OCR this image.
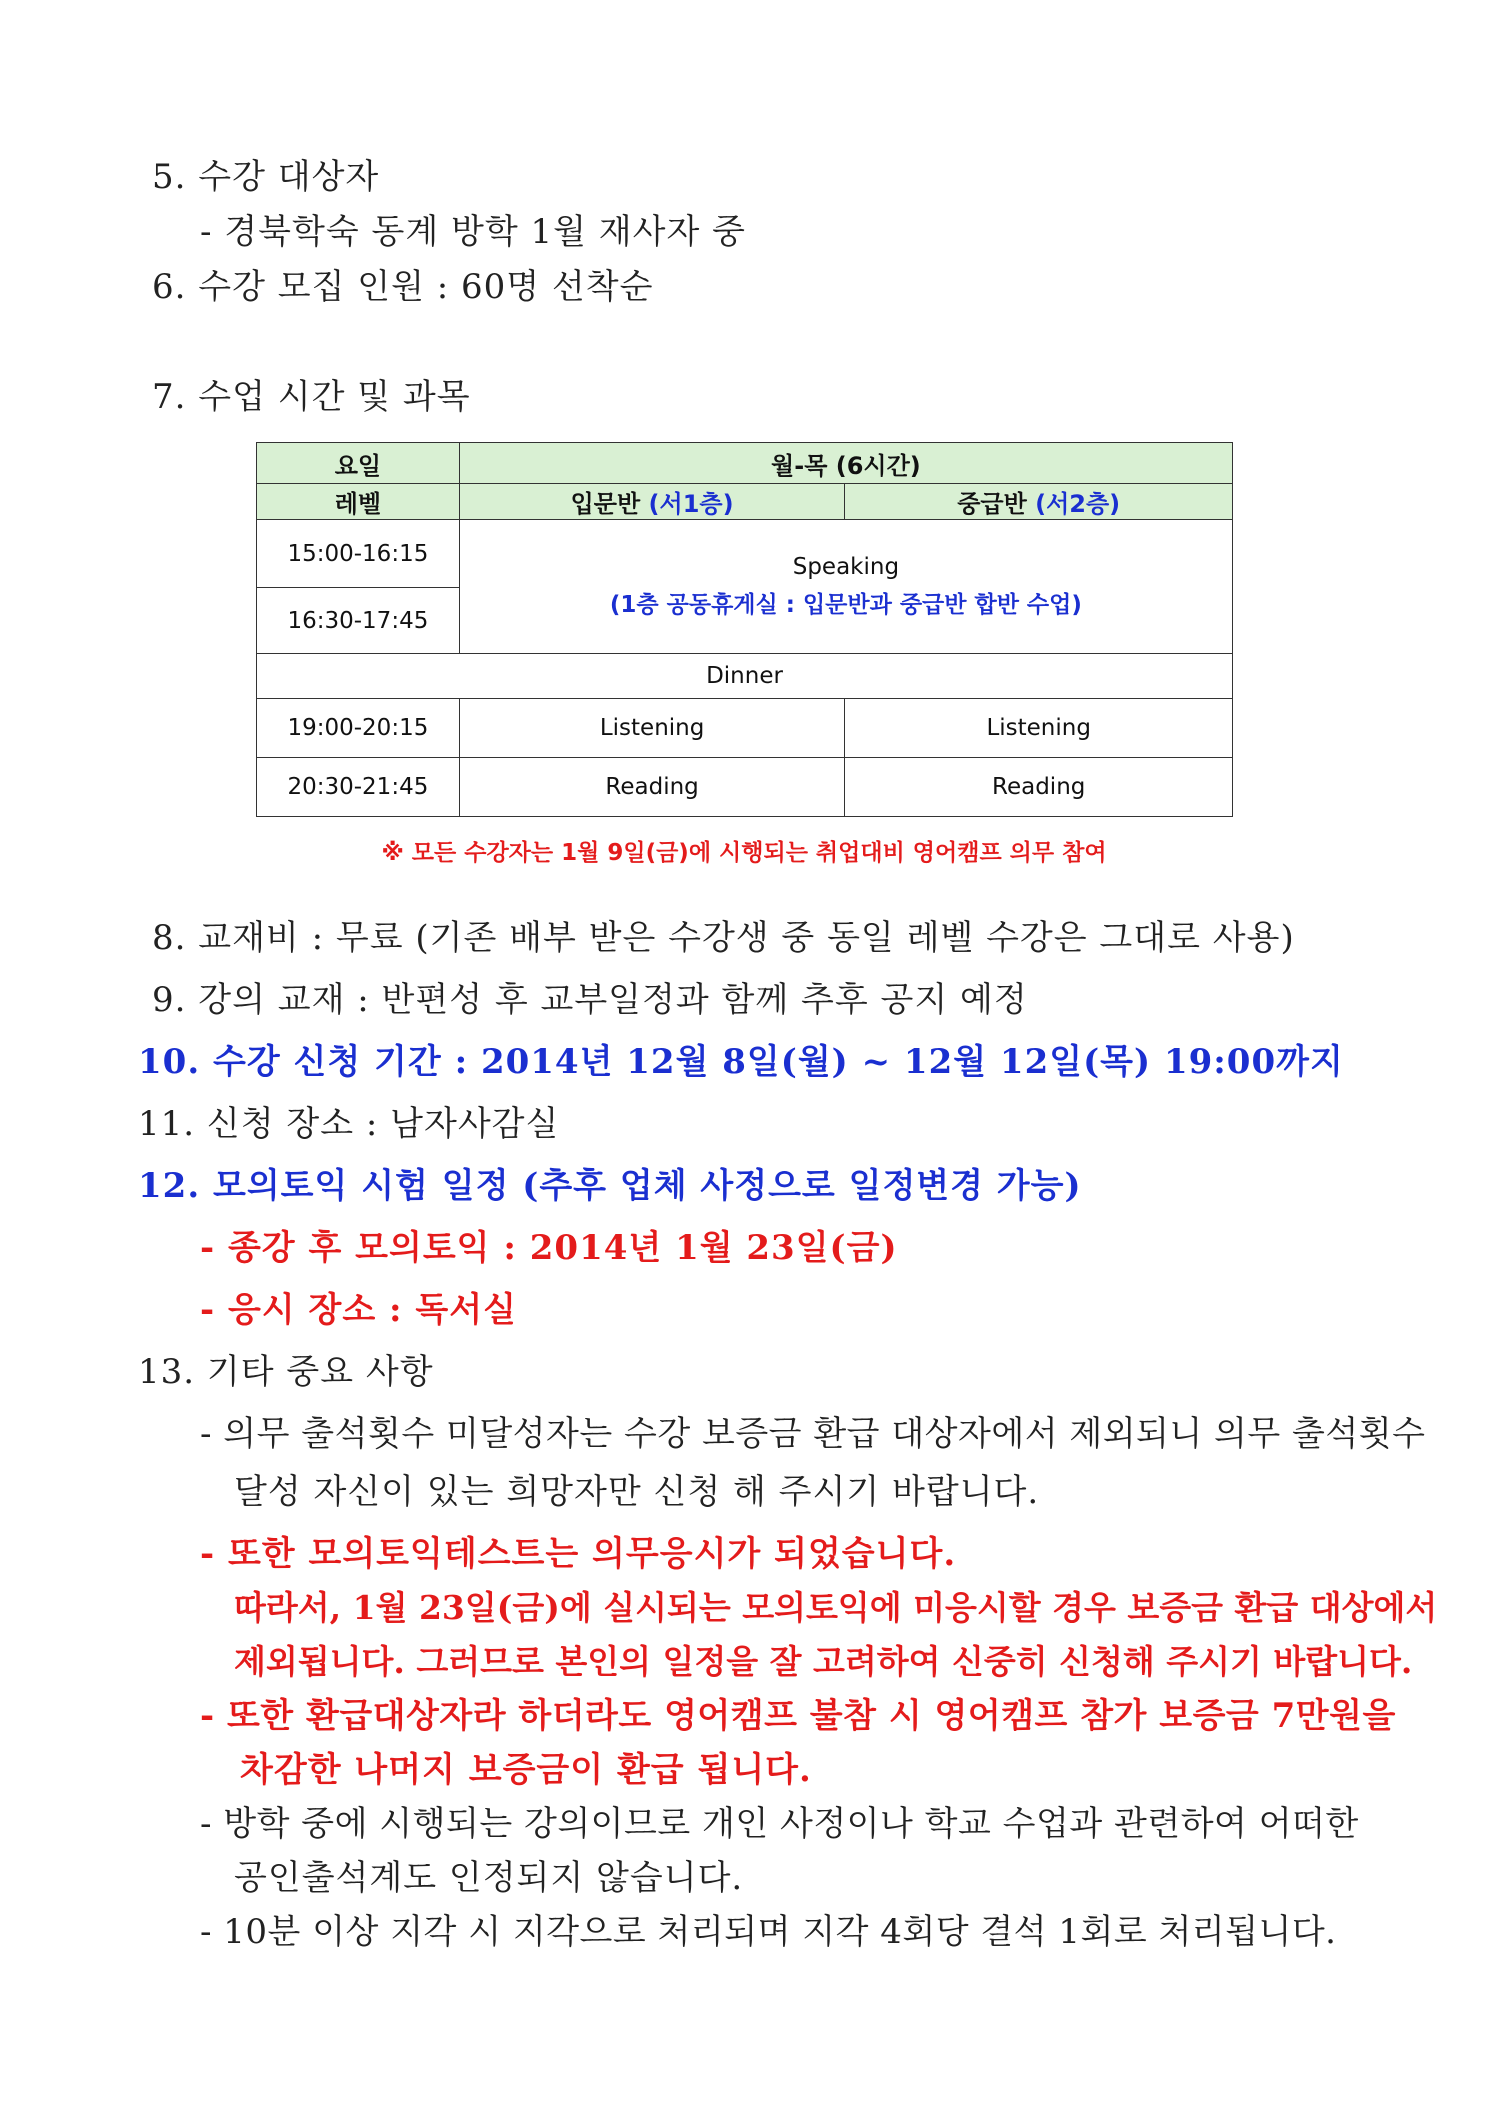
5. 수강 대상자
- 경북학숙 동계 방학 1월 재사자 중
6. 수강 모집 인원 : 60명 선착순
7. 수업 시간 및 과목
요일	월-목 (6시간)	
레벨	입문반 (서1층)	중급반 (서2층)
15:00-16:15	Speaking
(1층 공동휴게실 : 입문반과 중급반 합반 수업)	

16:30-17:45		
Dinner		
19:00-20:15	Listening	Listening
20:30-21:45	Reading	Reading
※ 모든 수강자는 1월 9일(금)에 시행되는 취업대비 영어캠프 의무 참여
8. 교재비 : 무료 (기존 배부 받은 수강생 중 동일 레벨 수강은 그대로 사용)
9. 강의 교재 : 반편성 후 교부일정과 함께 추후 공지 예정
10. 수강 신청 기간 : 2014년 12월 8일(월) ~ 12월 12일(목) 19:00까지
11. 신청 장소 : 남자사감실
12. 모의토익 시험 일정 (추후 업체 사정으로 일정변경 가능)
- 종강 후 모의토익 : 2014년 1월 23일(금)
- 응시 장소 : 독서실
13. 기타 중요 사항
- 의무 출석횟수 미달성자는 수강 보증금 환급 대상자에서 제외되니 의무 출석횟수
달성 자신이 있는 희망자만 신청 해 주시기 바랍니다.
- 또한 모의토익테스트는 의무응시가 되었습니다.
따라서, 1월 23일(금)에 실시되는 모의토익에 미응시할 경우 보증금 환급 대상에서
제외됩니다. 그러므로 본인의 일정을 잘 고려하여 신중히 신청해 주시기 바랍니다.
- 또한 환급대상자라 하더라도 영어캠프 불참 시 영어캠프 참가 보증금 7만원을
차감한 나머지 보증금이 환급 됩니다.
- 방학 중에 시행되는 강의이므로 개인 사정이나 학교 수업과 관련하여 어떠한
공인출석계도 인정되지 않습니다.
- 10분 이상 지각 시 지각으로 처리되며 지각 4회당 결석 1회로 처리됩니다.
